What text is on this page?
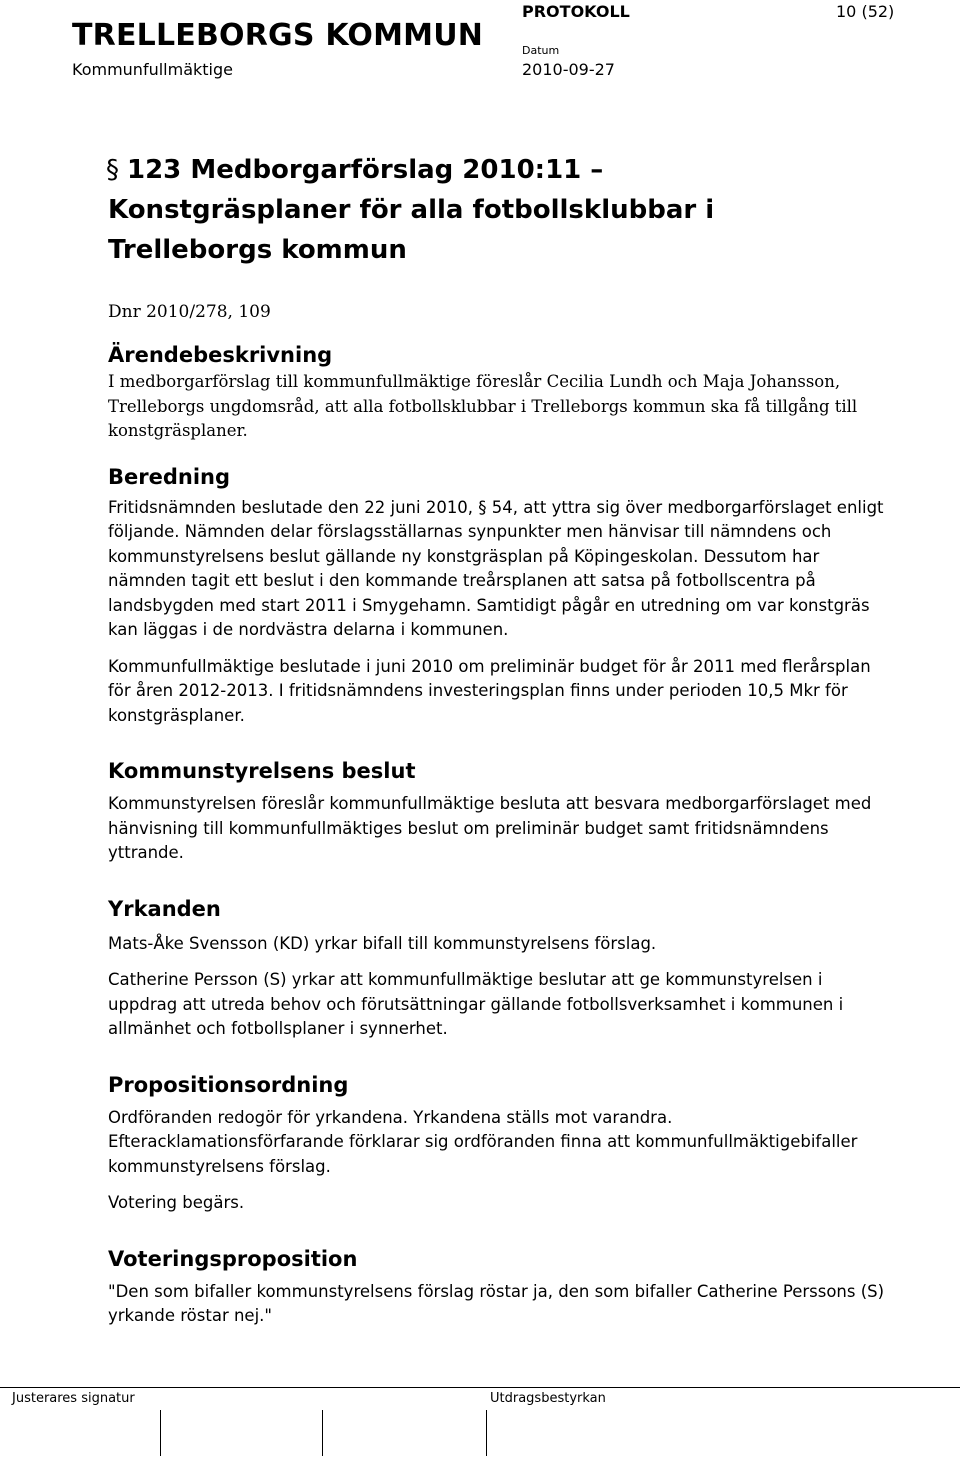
TRELLEBORGS KOMMUN
Kommunfullmäktige
PROTOKOLL
Datum
2010-09-27
10 (52)
§ 123 Medborgarförslag 2010:11 –
Konstgräsplaner för alla fotbollsklubbar i
Trelleborgs kommun
Dnr 2010/278, 109
Ärendebeskrivning

I medborgarförslag till kommunfullmäktige föreslår Cecilia Lundh och Maja Johansson, Trelleborgs ungdomsråd, att alla fotbollsklubbar i Trelleborgs kommun ska få tillgång till konstgräsplaner.

Beredning

Fritidsnämnden beslutade den 22 juni 2010, § 54, att yttra sig över medborgarförslaget enligt följande. Nämnden delar förslagsställarnas synpunkter men hänvisar till nämndens och kommunstyrelsens beslut gällande ny konstgräsplan på Köpingeskolan. Dessutom har nämnden tagit ett beslut i den kommande treårsplanen att satsa på fotbollscentra på landsbygden med start 2011 i Smygehamn. Samtidigt pågår en utredning om var konstgräs kan läggas i de nordvästra delarna i kommunen.

Kommunfullmäktige beslutade i juni 2010 om preliminär budget för år 2011 med flerårsplan för åren 2012-2013. I fritidsnämndens investeringsplan finns under perioden 10,5 Mkr för konstgräsplaner.

Kommunstyrelsens beslut

Kommunstyrelsen föreslår kommunfullmäktige besluta att besvara medborgarförslaget med hänvisning till kommunfullmäktiges beslut om preliminär budget samt fritidsnämndens yttrande.

Yrkanden

Mats-Åke Svensson (KD) yrkar bifall till kommunstyrelsens förslag.

Catherine Persson (S) yrkar att kommunfullmäktige beslutar att ge kommunstyrelsen i uppdrag att utreda behov och förutsättningar gällande fotbollsverksamhet i kommunen i allmänhet och fotbollsplaner i synnerhet.

Propositionsordning

Ordföranden redogör för yrkandena. Yrkandena ställs mot varandra. Efteracklamationsförfarande förklarar sig ordföranden finna att kommunfullmäktigebifaller kommunstyrelsens förslag.

Votering begärs.

Voteringsproposition

"Den som bifaller kommunstyrelsens förslag röstar ja, den som bifaller Catherine Perssons (S) yrkande röstar nej."

Justerares signatur	Utdragsbestyrkan
